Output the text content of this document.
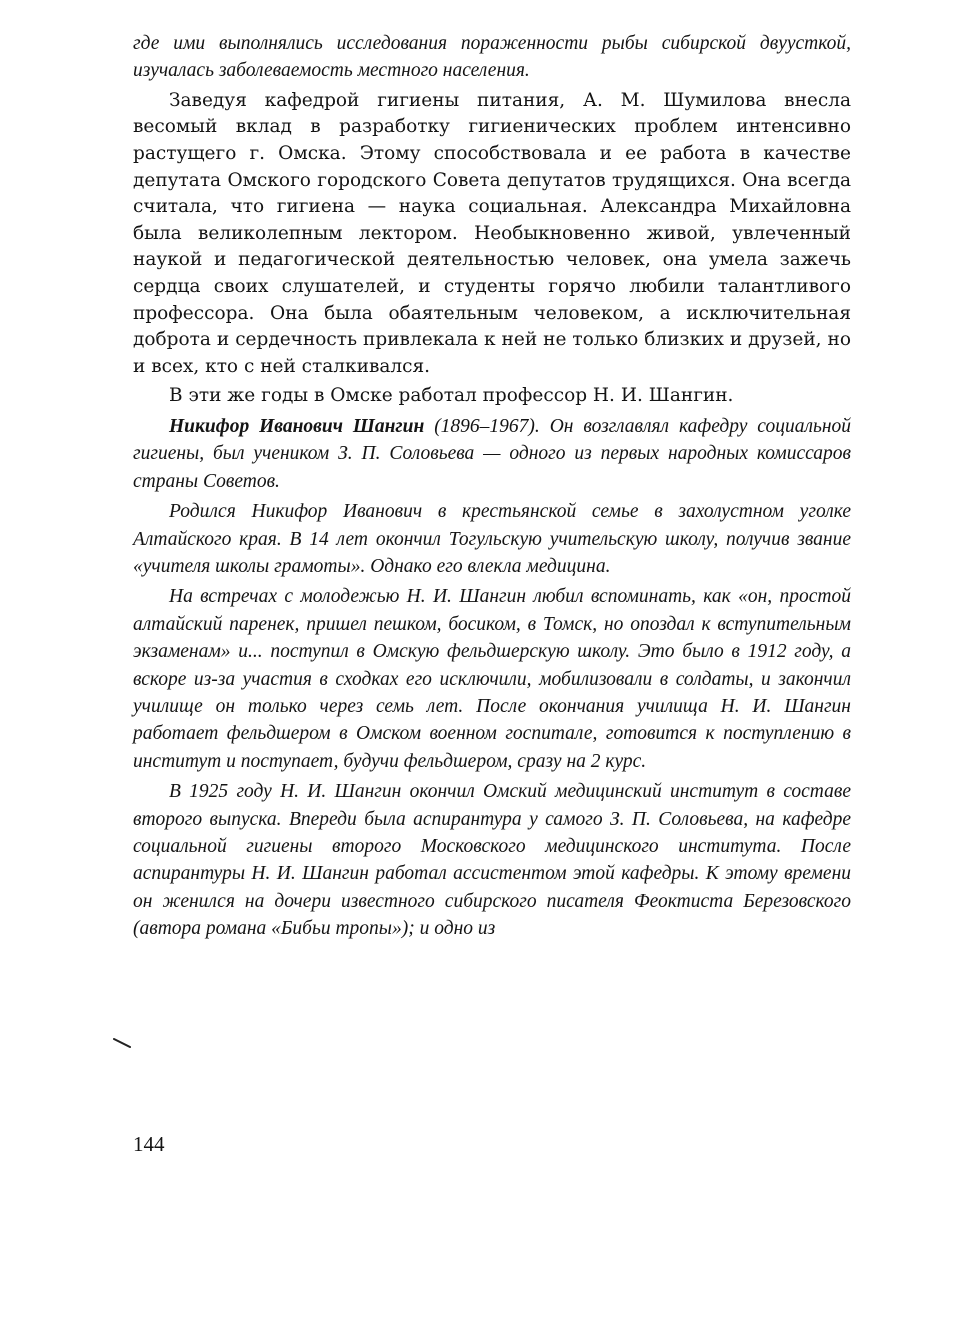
где ими выполнялись исследования пораженности рыбы сибирской двуусткой, изучалась заболеваемость местного населения.

Заведуя кафедрой гигиены питания, А. М. Шумилова внесла весомый вклад в разработку гигиенических проблем интенсивно растущего г. Омска. Этому способствовала и ее работа в качестве депутата Омского городского Совета депутатов трудящихся. Она всегда считала, что гигиена — наука социальная. Александра Михайловна была великолепным лектором. Необыкновенно живой, увлеченный наукой и педагогической деятельностью человек, она умела зажечь сердца своих слушателей, и студенты горячо любили талантливого профессора. Она была обаятельным человеком, а исключительная доброта и сердечность привлекала к ней не только близких и друзей, но и всех, кто с ней сталкивался.

В эти же годы в Омске работал профессор Н. И. Шангин.

Никифор Иванович Шангин (1896–1967). Он возглавлял кафедру социальной гигиены, был учеником З. П. Соловьева — одного из первых народных комиссаров страны Советов.

Родился Никифор Иванович в крестьянской семье в захолустном уголке Алтайского края. В 14 лет окончил Тогульскую учительскую школу, получив звание «учителя школы грамоты». Однако его влекла медицина.

На встречах с молодежью Н. И. Шангин любил вспоминать, как «он, простой алтайский паренек, пришел пешком, босиком, в Томск, но опоздал к вступительным экзаменам» и... поступил в Омскую фельдшерскую школу. Это было в 1912 году, а вскоре из-за участия в сходках его исключили, мобилизовали в солдаты, и закончил училище он только через семь лет. После окончания училища Н. И. Шангин работает фельдшером в Омском военном госпитале, готовится к поступлению в институт и поступает, будучи фельдшером, сразу на 2 курс.

В 1925 году Н. И. Шангин окончил Омский медицинский институт в составе второго выпуска. Впереди была аспирантура у самого З. П. Соловьева, на кафедре социальной гигиены второго Московского медицинского института. После аспирантуры Н. И. Шангин работал ассистентом этой кафедры. К этому времени он женился на дочери известного сибирского писателя Феоктиста Березовского (автора романа «Бибьи тропы»); и одно из

144
